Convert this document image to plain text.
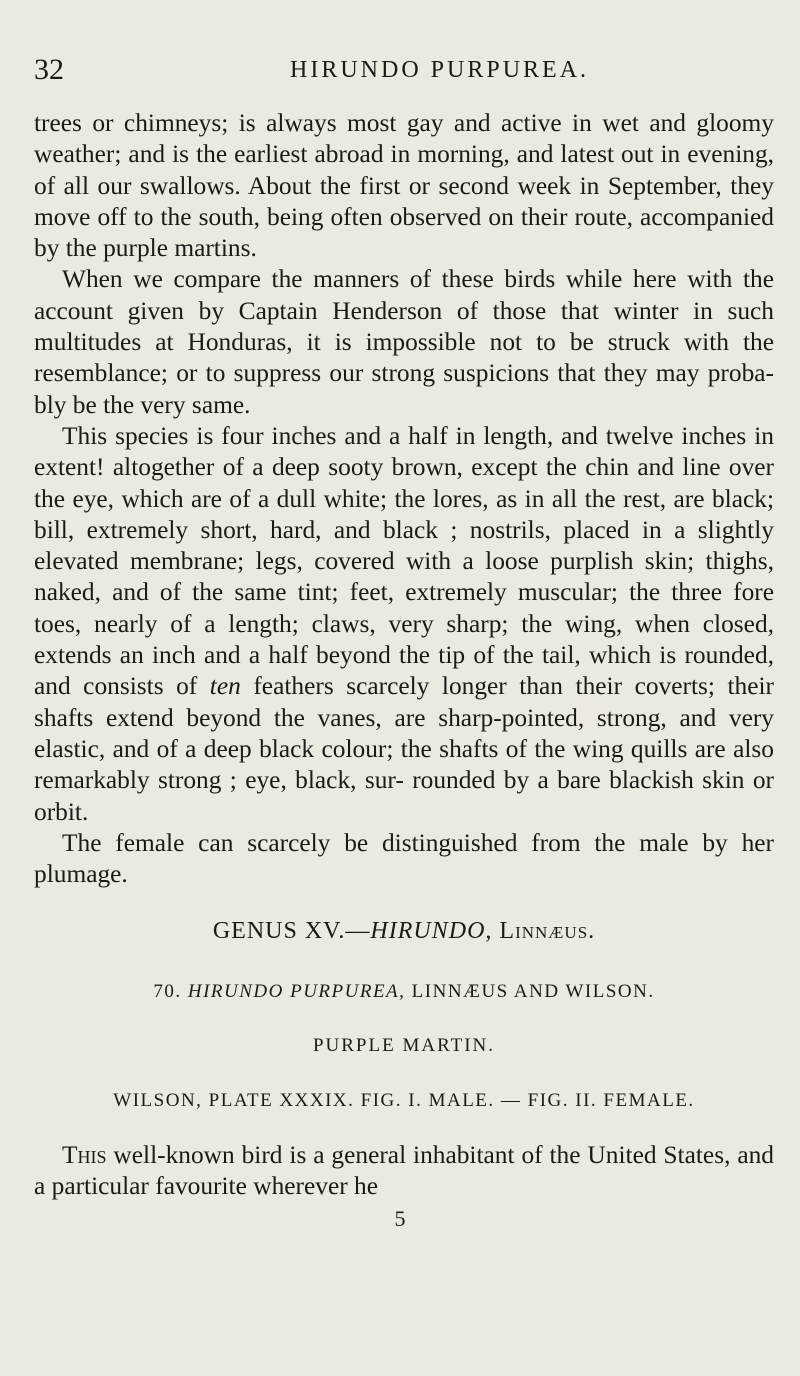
32	HIRUNDO PURPUREA.

trees or chimneys; is always most gay and active in wet and gloomy weather; and is the earliest abroad in morning, and latest out in evening, of all our swallows. About the first or second week in September, they move off to the south, being often observed on their route, accompanied by the purple martins.

When we compare the manners of these birds while here with the account given by Captain Henderson of those that winter in such multitudes at Honduras, it is impossible not to be struck with the resemblance; or to suppress our strong suspicions that they may proba- bly be the very same.

This species is four inches and a half in length, and twelve inches in extent! altogether of a deep sooty brown, except the chin and line over the eye, which are of a dull white; the lores, as in all the rest, are black; bill, extremely short, hard, and black ; nostrils, placed in a slightly elevated membrane; legs, covered with a loose purplish skin; thighs, naked, and of the same tint; feet, extremely muscular; the three fore toes, nearly of a length; claws, very sharp; the wing, when closed, extends an inch and a half beyond the tip of the tail, which is rounded, and consists of ten feathers scarcely longer than their coverts; their shafts extend beyond the vanes, are sharp-pointed, strong, and very elastic, and of a deep black colour; the shafts of the wing quills are also remarkably strong ; eye, black, sur- rounded by a bare blackish skin or orbit.

The female can scarcely be distinguished from the male by her plumage.

GENUS XV.—HIRUNDO, Linnæus.
70. HIRUNDO PURPUREA, LINNÆUS AND WILSON.
PURPLE MARTIN.
WILSON, PLATE XXXIX. FIG. I. MALE. — FIG. II. FEMALE.

This well-known bird is a general inhabitant of the United States, and a particular favourite wherever he

5
